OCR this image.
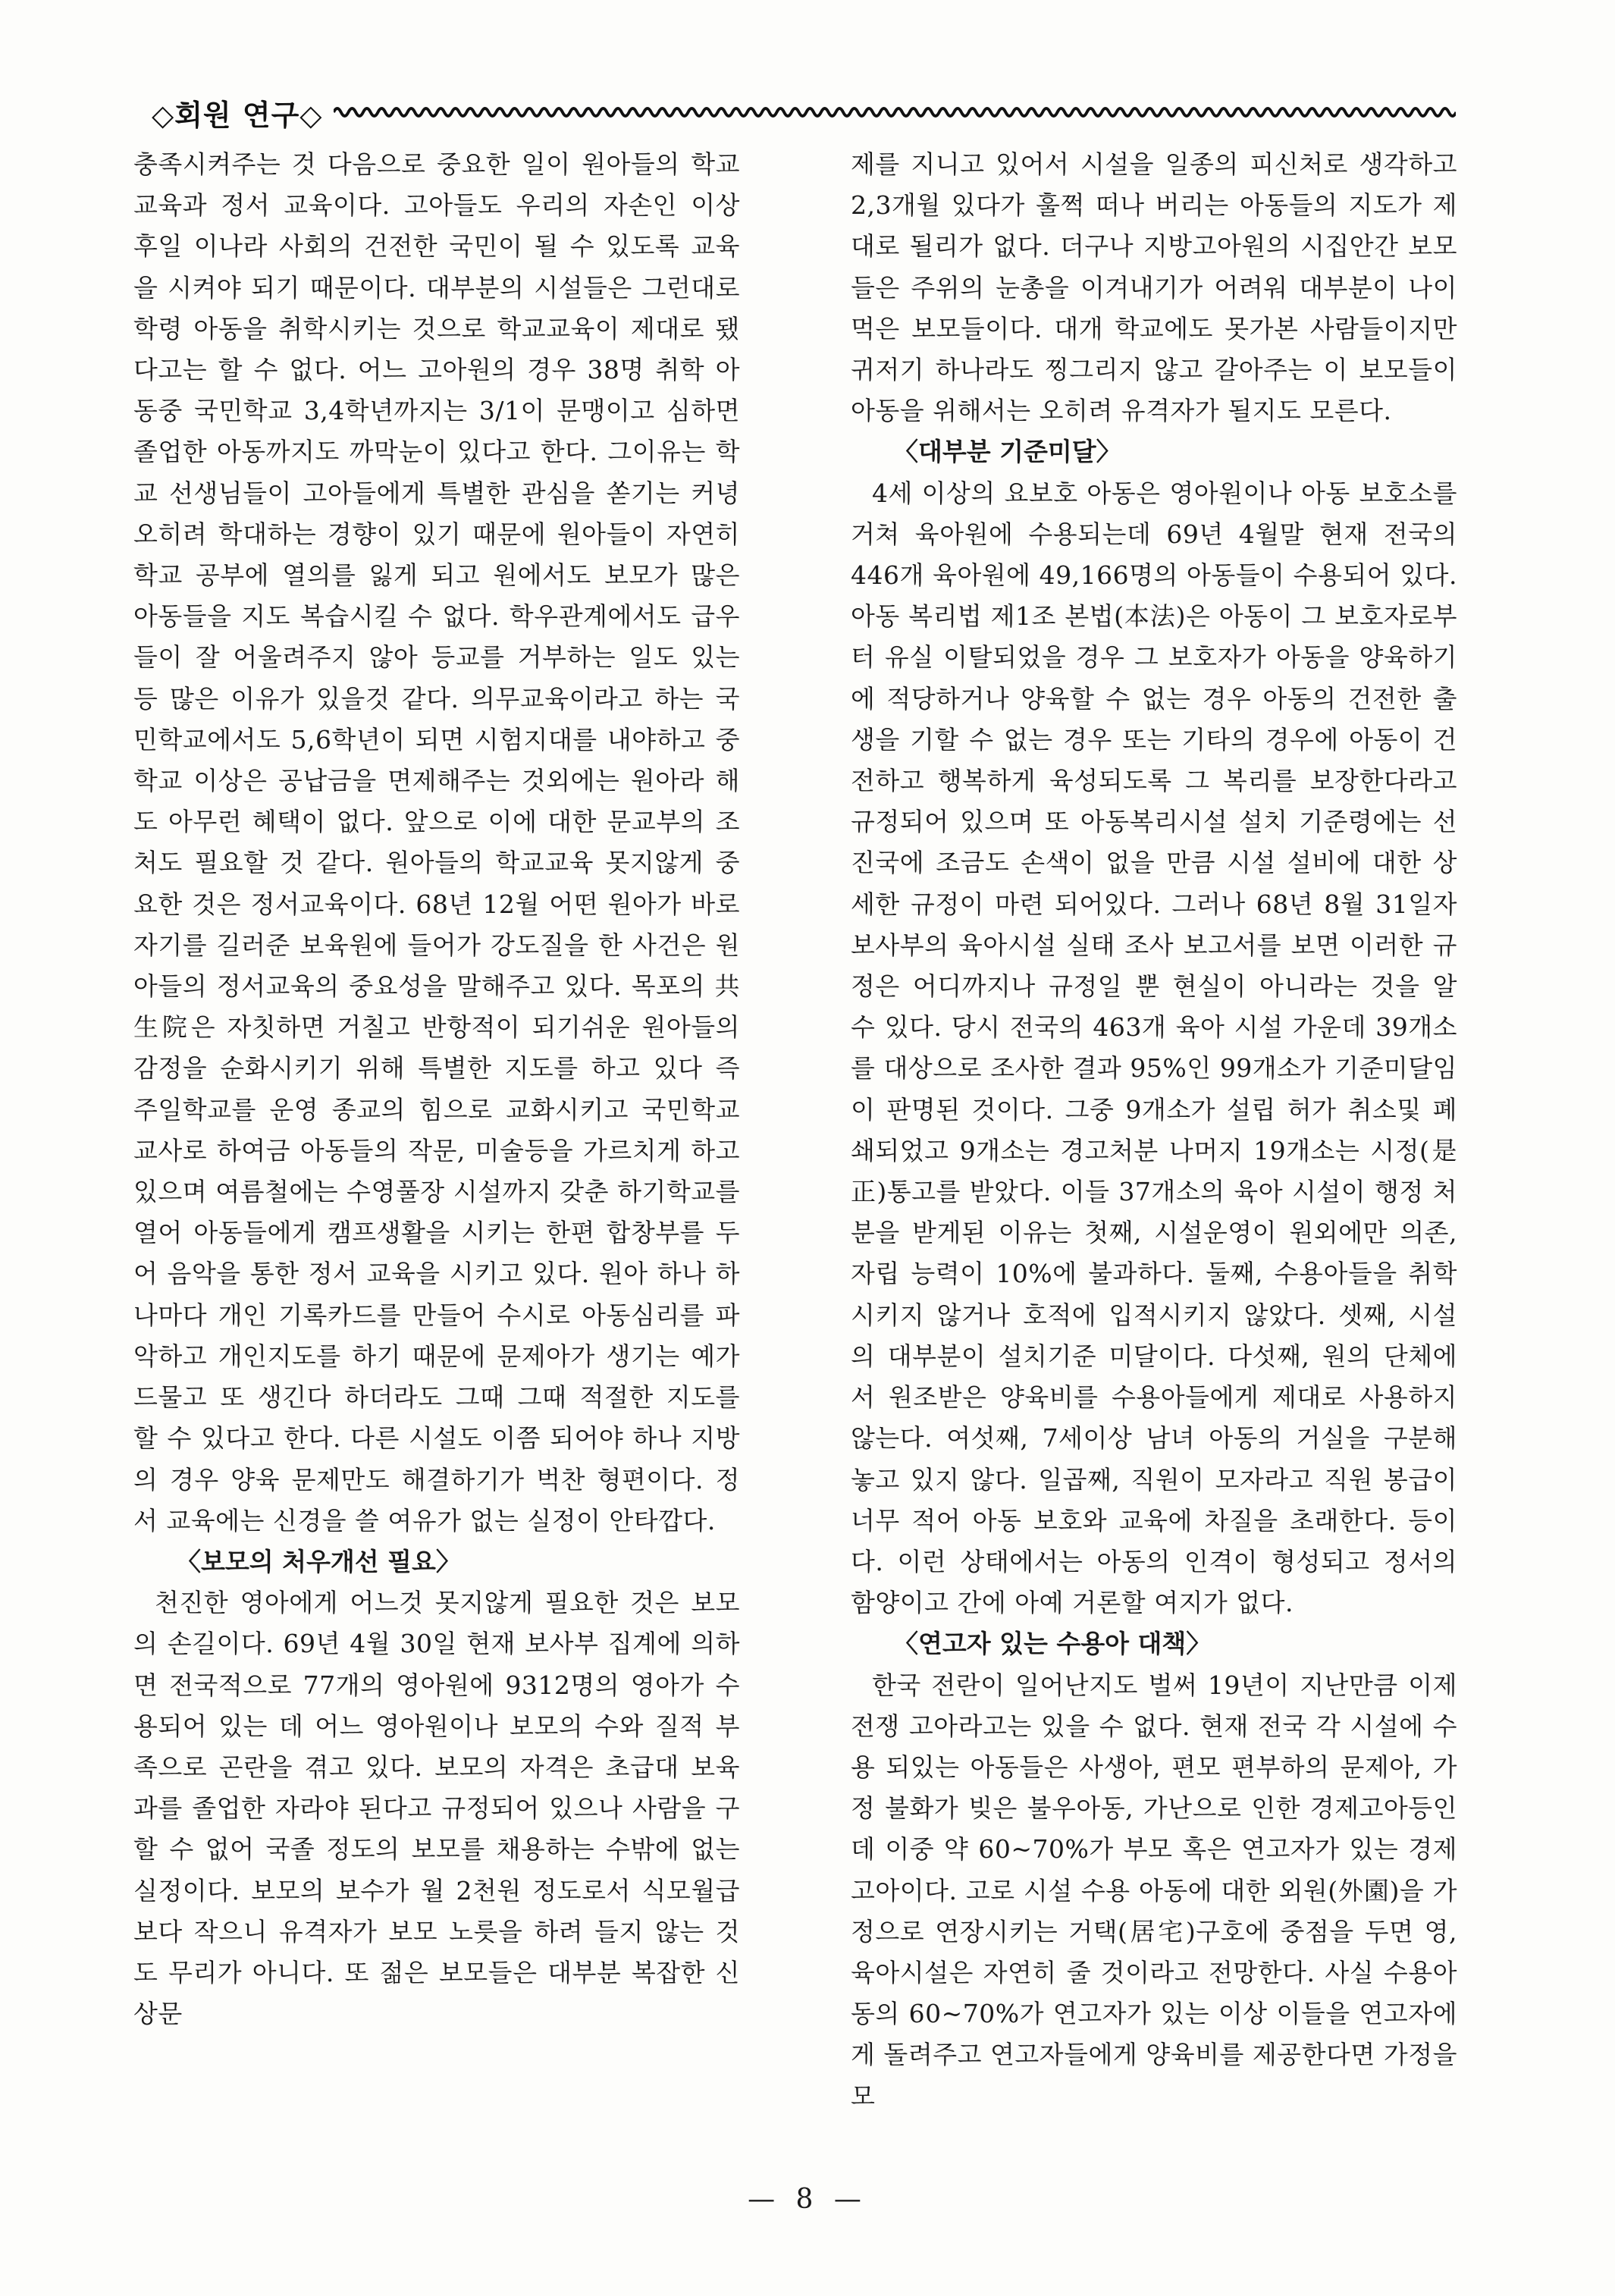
◇회원 연구◇

충족시켜주는 것 다음으로 중요한 일이 원아들의 학교 교육과 정서 교육이다. 고아들도 우리의 자손인 이상 후일 이나라 사회의 건전한 국민이 될 수 있도록 교육을 시켜야 되기 때문이다. 대부분의 시설들은 그런대로 학령 아동을 취학시키는 것으로 학교교육이 제대로 됐다고는 할 수 없다. 어느 고아원의 경우 38명 취학 아동중 국민학교 3,4학년까지는 3/1이 문맹이고 심하면 졸업한 아동까지도 까막눈이 있다고 한다. 그이유는 학교 선생님들이 고아들에게 특별한 관심을 쏟기는 커녕 오히려 학대하는 경향이 있기 때문에 원아들이 자연히 학교 공부에 열의를 잃게 되고 원에서도 보모가 많은 아동들을 지도 복습시킬 수 없다. 학우관계에서도 급우들이 잘 어울려주지 않아 등교를 거부하는 일도 있는 등 많은 이유가 있을것 같다. 의무교육이라고 하는 국민학교에서도 5,6학년이 되면 시험지대를 내야하고 중학교 이상은 공납금을 면제해주는 것외에는 원아라 해도 아무런 혜택이 없다. 앞으로 이에 대한 문교부의 조처도 필요할 것 같다. 원아들의 학교교육 못지않게 중요한 것은 정서교육이다. 68년 12월 어떤 원아가 바로 자기를 길러준 보육원에 들어가 강도질을 한 사건은 원아들의 정서교육의 중요성을 말해주고 있다. 목포의 共生院은 자칫하면 거칠고 반항적이 되기쉬운 원아들의 감정을 순화시키기 위해 특별한 지도를 하고 있다 즉 주일학교를 운영 종교의 힘으로 교화시키고 국민학교 교사로 하여금 아동들의 작문, 미술등을 가르치게 하고 있으며 여름철에는 수영풀장 시설까지 갖춘 하기학교를 열어 아동들에게 캠프생활을 시키는 한편 합창부를 두어 음악을 통한 정서 교육을 시키고 있다. 원아 하나 하나마다 개인 기록카드를 만들어 수시로 아동심리를 파악하고 개인지도를 하기 때문에 문제아가 생기는 예가 드물고 또 생긴다 하더라도 그때 그때 적절한 지도를 할 수 있다고 한다. 다른 시설도 이쯤 되어야 하나 지방의 경우 양육 문제만도 해결하기가 벅찬 형편이다. 정서 교육에는 신경을 쓸 여유가 없는 실정이 안타깝다.

〈보모의 처우개선 필요〉

천진한 영아에게 어느것 못지않게 필요한 것은 보모의 손길이다. 69년 4월 30일 현재 보사부 집계에 의하면 전국적으로 77개의 영아원에 9312명의 영아가 수용되어 있는 데 어느 영아원이나 보모의 수와 질적 부족으로 곤란을 겪고 있다. 보모의 자격은 초급대 보육과를 졸업한 자라야 된다고 규정되어 있으나 사람을 구할 수 없어 국졸 정도의 보모를 채용하는 수밖에 없는 실정이다. 보모의 보수가 월 2천원 정도로서 식모월급보다 작으니 유격자가 보모 노릇을 하려 들지 않는 것도 무리가 아니다. 또 젊은 보모들은 대부분 복잡한 신상문

제를 지니고 있어서 시설을 일종의 피신처로 생각하고 2,3개월 있다가 훌쩍 떠나 버리는 아동들의 지도가 제대로 될리가 없다. 더구나 지방고아원의 시집안간 보모들은 주위의 눈총을 이겨내기가 어려워 대부분이 나이 먹은 보모들이다. 대개 학교에도 못가본 사람들이지만 귀저기 하나라도 찡그리지 않고 갈아주는 이 보모들이 아동을 위해서는 오히려 유격자가 될지도 모른다.

〈대부분 기준미달〉

4세 이상의 요보호 아동은 영아원이나 아동 보호소를 거쳐 육아원에 수용되는데 69년 4월말 현재 전국의 446개 육아원에 49,166명의 아동들이 수용되어 있다. 아동 복리법 제1조 본법(本法)은 아동이 그 보호자로부터 유실 이탈되었을 경우 그 보호자가 아동을 양육하기에 적당하거나 양육할 수 없는 경우 아동의 건전한 출생을 기할 수 없는 경우 또는 기타의 경우에 아동이 건전하고 행복하게 육성되도록 그 복리를 보장한다라고 규정되어 있으며 또 아동복리시설 설치 기준령에는 선진국에 조금도 손색이 없을 만큼 시설 설비에 대한 상세한 규정이 마련 되어있다. 그러나 68년 8월 31일자 보사부의 육아시설 실태 조사 보고서를 보면 이러한 규정은 어디까지나 규정일 뿐 현실이 아니라는 것을 알 수 있다. 당시 전국의 463개 육아 시설 가운데 39개소를 대상으로 조사한 결과 95%인 99개소가 기준미달임이 판명된 것이다. 그중 9개소가 설립 허가 취소및 폐쇄되었고 9개소는 경고처분 나머지 19개소는 시정(是正)통고를 받았다. 이들 37개소의 육아 시설이 행정 처분을 받게된 이유는 첫째, 시설운영이 원외에만 의존, 자립 능력이 10%에 불과하다. 둘째, 수용아들을 취학시키지 않거나 호적에 입적시키지 않았다. 셋째, 시설의 대부분이 설치기준 미달이다. 다섯째, 원의 단체에서 원조받은 양육비를 수용아들에게 제대로 사용하지 않는다. 여섯째, 7세이상 남녀 아동의 거실을 구분해 놓고 있지 않다. 일곱째, 직원이 모자라고 직원 봉급이 너무 적어 아동 보호와 교육에 차질을 초래한다. 등이다. 이런 상태에서는 아동의 인격이 형성되고 정서의 함양이고 간에 아예 거론할 여지가 없다.

〈연고자 있는 수용아 대책〉

한국 전란이 일어난지도 벌써 19년이 지난만큼 이제 전쟁 고아라고는 있을 수 없다. 현재 전국 각 시설에 수용 되있는 아동들은 사생아, 편모 편부하의 문제아, 가정 불화가 빚은 불우아동, 가난으로 인한 경제고아등인데 이중 약 60~70%가 부모 혹은 연고자가 있는 경제고아이다. 고로 시설 수용 아동에 대한 외원(外園)을 가정으로 연장시키는 거택(居宅)구호에 중점을 두면 영,육아시설은 자연히 줄 것이라고 전망한다. 사실 수용아동의 60~70%가 연고자가 있는 이상 이들을 연고자에게 돌려주고 연고자들에게 양육비를 제공한다면 가정을 모

— 8 —
